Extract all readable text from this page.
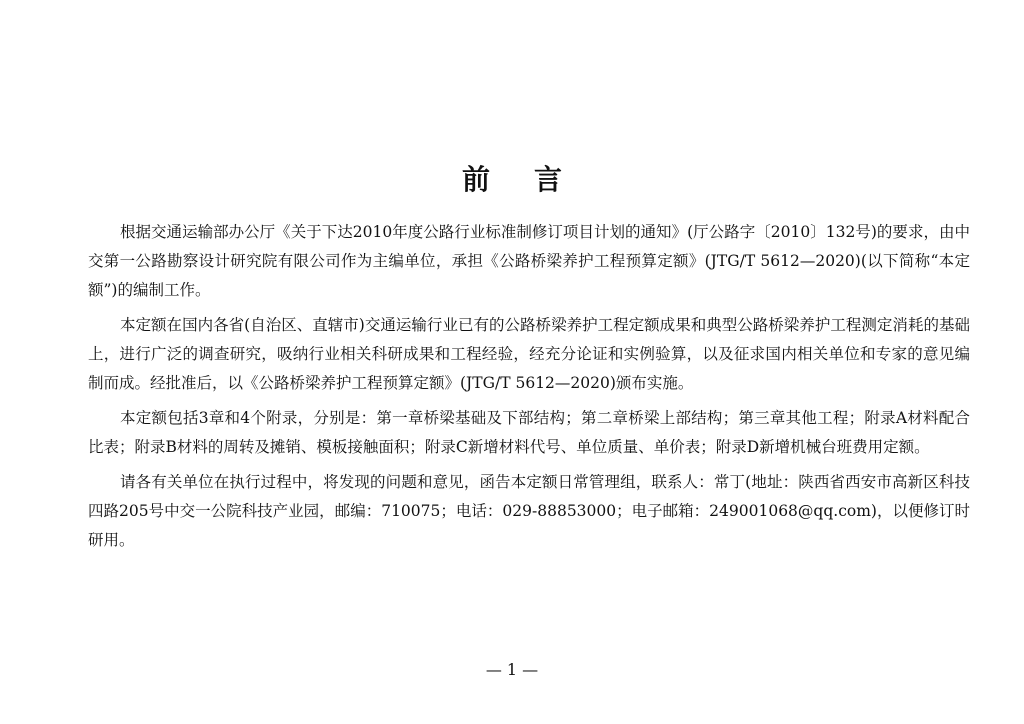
前言

根据交通运输部办公厅《关于下达2010年度公路行业标准制修订项目计划的通知》(厅公路字〔2010〕132号)的要求，由中交第一公路勘察设计研究院有限公司作为主编单位，承担《公路桥梁养护工程预算定额》(JTG/T 5612—2020)(以下简称“本定额”)的编制工作。

本定额在国内各省(自治区、直辖市)交通运输行业已有的公路桥梁养护工程定额成果和典型公路桥梁养护工程测定消耗的基础上，进行广泛的调查研究，吸纳行业相关科研成果和工程经验，经充分论证和实例验算，以及征求国内相关单位和专家的意见编制而成。经批准后，以《公路桥梁养护工程预算定额》(JTG/T 5612—2020)颁布实施。

本定额包括3章和4个附录，分别是：第一章桥梁基础及下部结构；第二章桥梁上部结构；第三章其他工程；附录A材料配合比表；附录B材料的周转及摊销、模板接触面积；附录C新增材料代号、单位质量、单价表；附录D新增机械台班费用定额。

请各有关单位在执行过程中，将发现的问题和意见，函告本定额日常管理组，联系人：常丁(地址：陕西省西安市高新区科技四路205号中交一公院科技产业园，邮编：710075；电话：029-88853000；电子邮箱：249001068@qq.com)，以便修订时研用。

— 1 —
